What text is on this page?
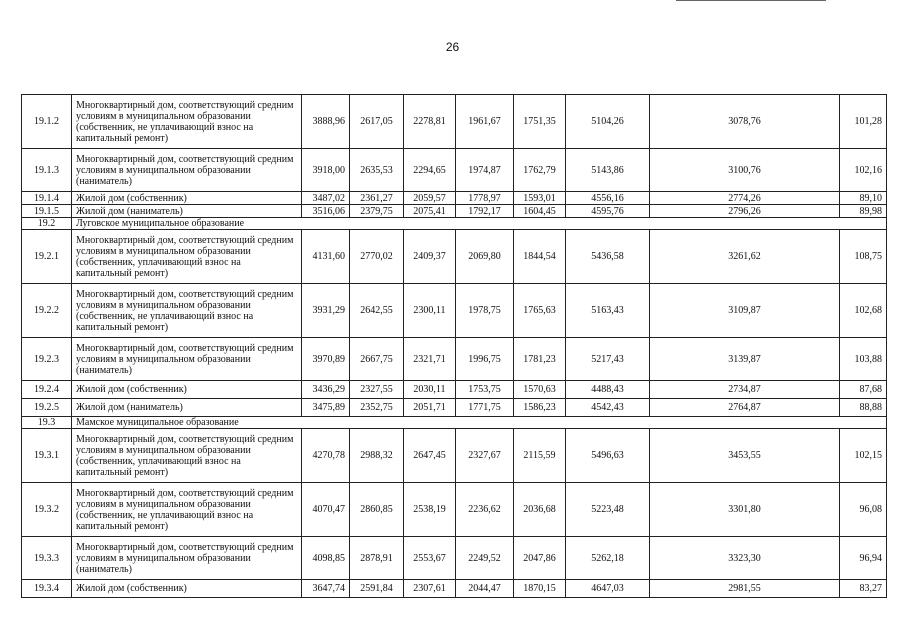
26
19.1.2	Многоквартирный дом, соответствующий средним условиям в муниципальном образовании (собственник, не уплачивающий взнос на капитальный ремонт)	3888,96	2617,05	2278,81	1961,67	1751,35	5104,26	3078,76	101,28
19.1.3	Многоквартирный дом, соответствующий средним условиям в муниципальном образовании (наниматель)	3918,00	2635,53	2294,65	1974,87	1762,79	5143,86	3100,76	102,16
19.1.4	Жилой дом (собственник)	3487,02	2361,27	2059,57	1778,97	1593,01	4556,16	2774,26	89,10
19.1.5	Жилой дом (наниматель)	3516,06	2379,75	2075,41	1792,17	1604,45	4595,76	2796,26	89,98
19.2	Луговское муниципальное образование								
19.2.1	Многоквартирный дом, соответствующий средним условиям в муниципальном образовании (собственник, уплачивающий взнос на капитальный ремонт)	4131,60	2770,02	2409,37	2069,80	1844,54	5436,58	3261,62	108,75
19.2.2	Многоквартирный дом, соответствующий средним условиям в муниципальном образовании (собственник, не уплачивающий взнос на капитальный ремонт)	3931,29	2642,55	2300,11	1978,75	1765,63	5163,43	3109,87	102,68
19.2.3	Многоквартирный дом, соответствующий средним условиям в муниципальном образовании (наниматель)	3970,89	2667,75	2321,71	1996,75	1781,23	5217,43	3139,87	103,88
19.2.4	Жилой дом (собственник)	3436,29	2327,55	2030,11	1753,75	1570,63	4488,43	2734,87	87,68
19.2.5	Жилой дом (наниматель)	3475,89	2352,75	2051,71	1771,75	1586,23	4542,43	2764,87	88,88
19.3	Мамское муниципальное образование								
19.3.1	Многоквартирный дом, соответствующий средним условиям в муниципальном образовании (собственник, уплачивающий взнос на капитальный ремонт)	4270,78	2988,32	2647,45	2327,67	2115,59	5496,63	3453,55	102,15
19.3.2	Многоквартирный дом, соответствующий средним условиям в муниципальном образовании (собственник, не уплачивающий взнос на капитальный ремонт)	4070,47	2860,85	2538,19	2236,62	2036,68	5223,48	3301,80	96,08
19.3.3	Многоквартирный дом, соответствующий средним условиям в муниципальном образовании (наниматель)	4098,85	2878,91	2553,67	2249,52	2047,86	5262,18	3323,30	96,94
19.3.4	Жилой дом (собственник)	3647,74	2591,84	2307,61	2044,47	1870,15	4647,03	2981,55	83,27
